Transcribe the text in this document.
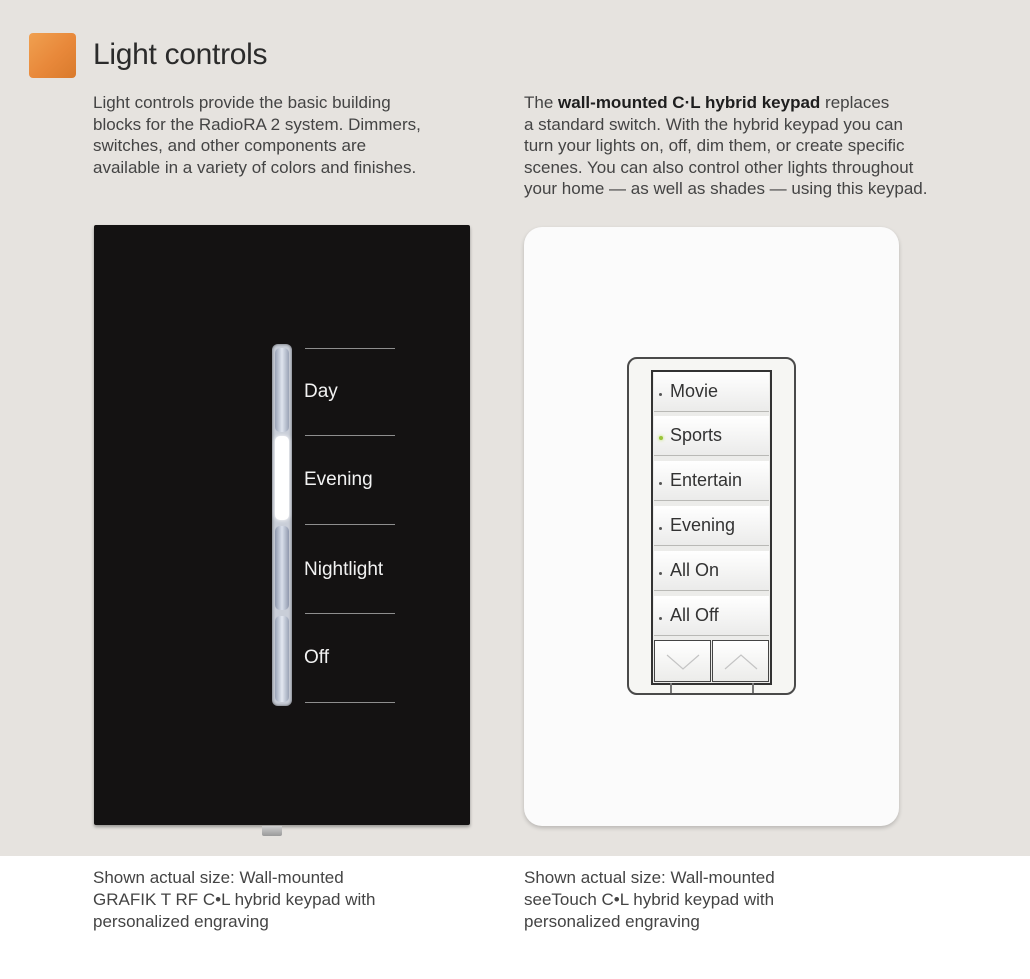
Light controls

Light controls provide the basic building
blocks for the RadioRA 2 system. Dimmers,
switches, and other components are
available in a variety of colors and finishes.

The wall-mounted C·L hybrid keypad replaces
a standard switch. With the hybrid keypad you can
turn your lights on, off, dim them, or create specific
scenes. You can also control other lights throughout
your home — as well as shades — using this keypad.

Day
Evening
Nightlight
Off
Movie
Sports
Entertain
Evening
All On
All Off

Shown actual size: Wall-mounted
GRAFIK T RF C•L hybrid keypad with
personalized engraving

Shown actual size: Wall-mounted
seeTouch C•L hybrid keypad with
personalized engraving
